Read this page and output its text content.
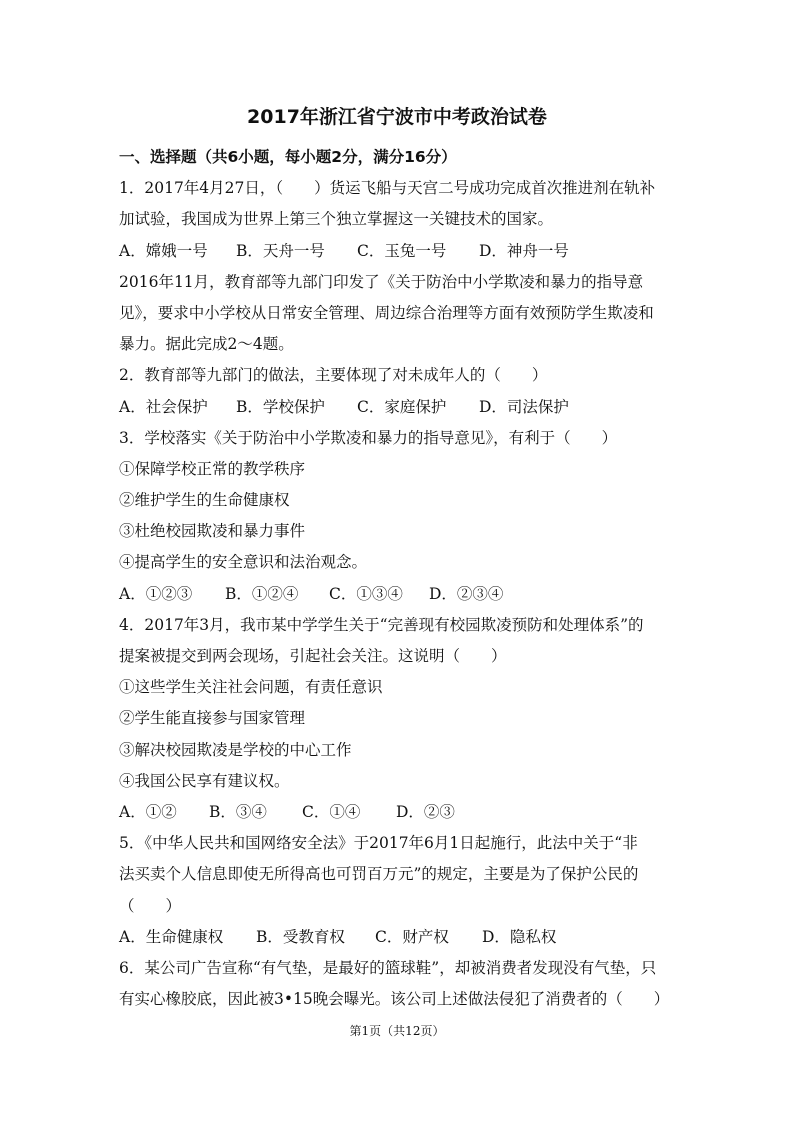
2017年浙江省宁波市中考政治试卷
一、选择题（共6小题，每小题2分，满分16分）
1．2017年4月27日，（　　）货运飞船与天宫二号成功完成首次推进剂在轨补
加试验，我国成为世界上第三个独立掌握这一关键技术的国家。
A．嫦娥一号	B．天舟一号	C．玉兔一号	D．神舟一号
2016年11月，教育部等九部门印发了《关于防治中小学欺凌和暴力的指导意
见》，要求中小学校从日常安全管理、周边综合治理等方面有效预防学生欺凌和
暴力。据此完成2～4题。
2．教育部等九部门的做法，主要体现了对未成年人的（　　）
A．社会保护	B．学校保护	C．家庭保护	D．司法保护
3．学校落实《关于防治中小学欺凌和暴力的指导意见》，有利于（　　）
①保障学校正常的教学秩序
②维护学生的生命健康权
③杜绝校园欺凌和暴力事件
④提高学生的安全意识和法治观念。
A．①②③	B．①②④	C．①③④	D．②③④
4．2017年3月，我市某中学学生关于“完善现有校园欺凌预防和处理体系”的
提案被提交到两会现场，引起社会关注。这说明（　　）
①这些学生关注社会问题，有责任意识
②学生能直接参与国家管理
③解决校园欺凌是学校的中心工作
④我国公民享有建议权。
A．①②	B．③④	C．①④	D．②③
5．《中华人民共和国网络安全法》于2017年6月1日起施行，此法中关于“非
法买卖个人信息即使无所得高也可罚百万元”的规定，主要是为了保护公民的
（　　）
A．生命健康权	B．受教育权	C．财产权	D．隐私权
6．某公司广告宣称“有气垫，是最好的篮球鞋”，却被消费者发现没有气垫，只
有实心橡胶底，因此被3•15晚会曝光。该公司上述做法侵犯了消费者的（　　）
第1页（共12页）
